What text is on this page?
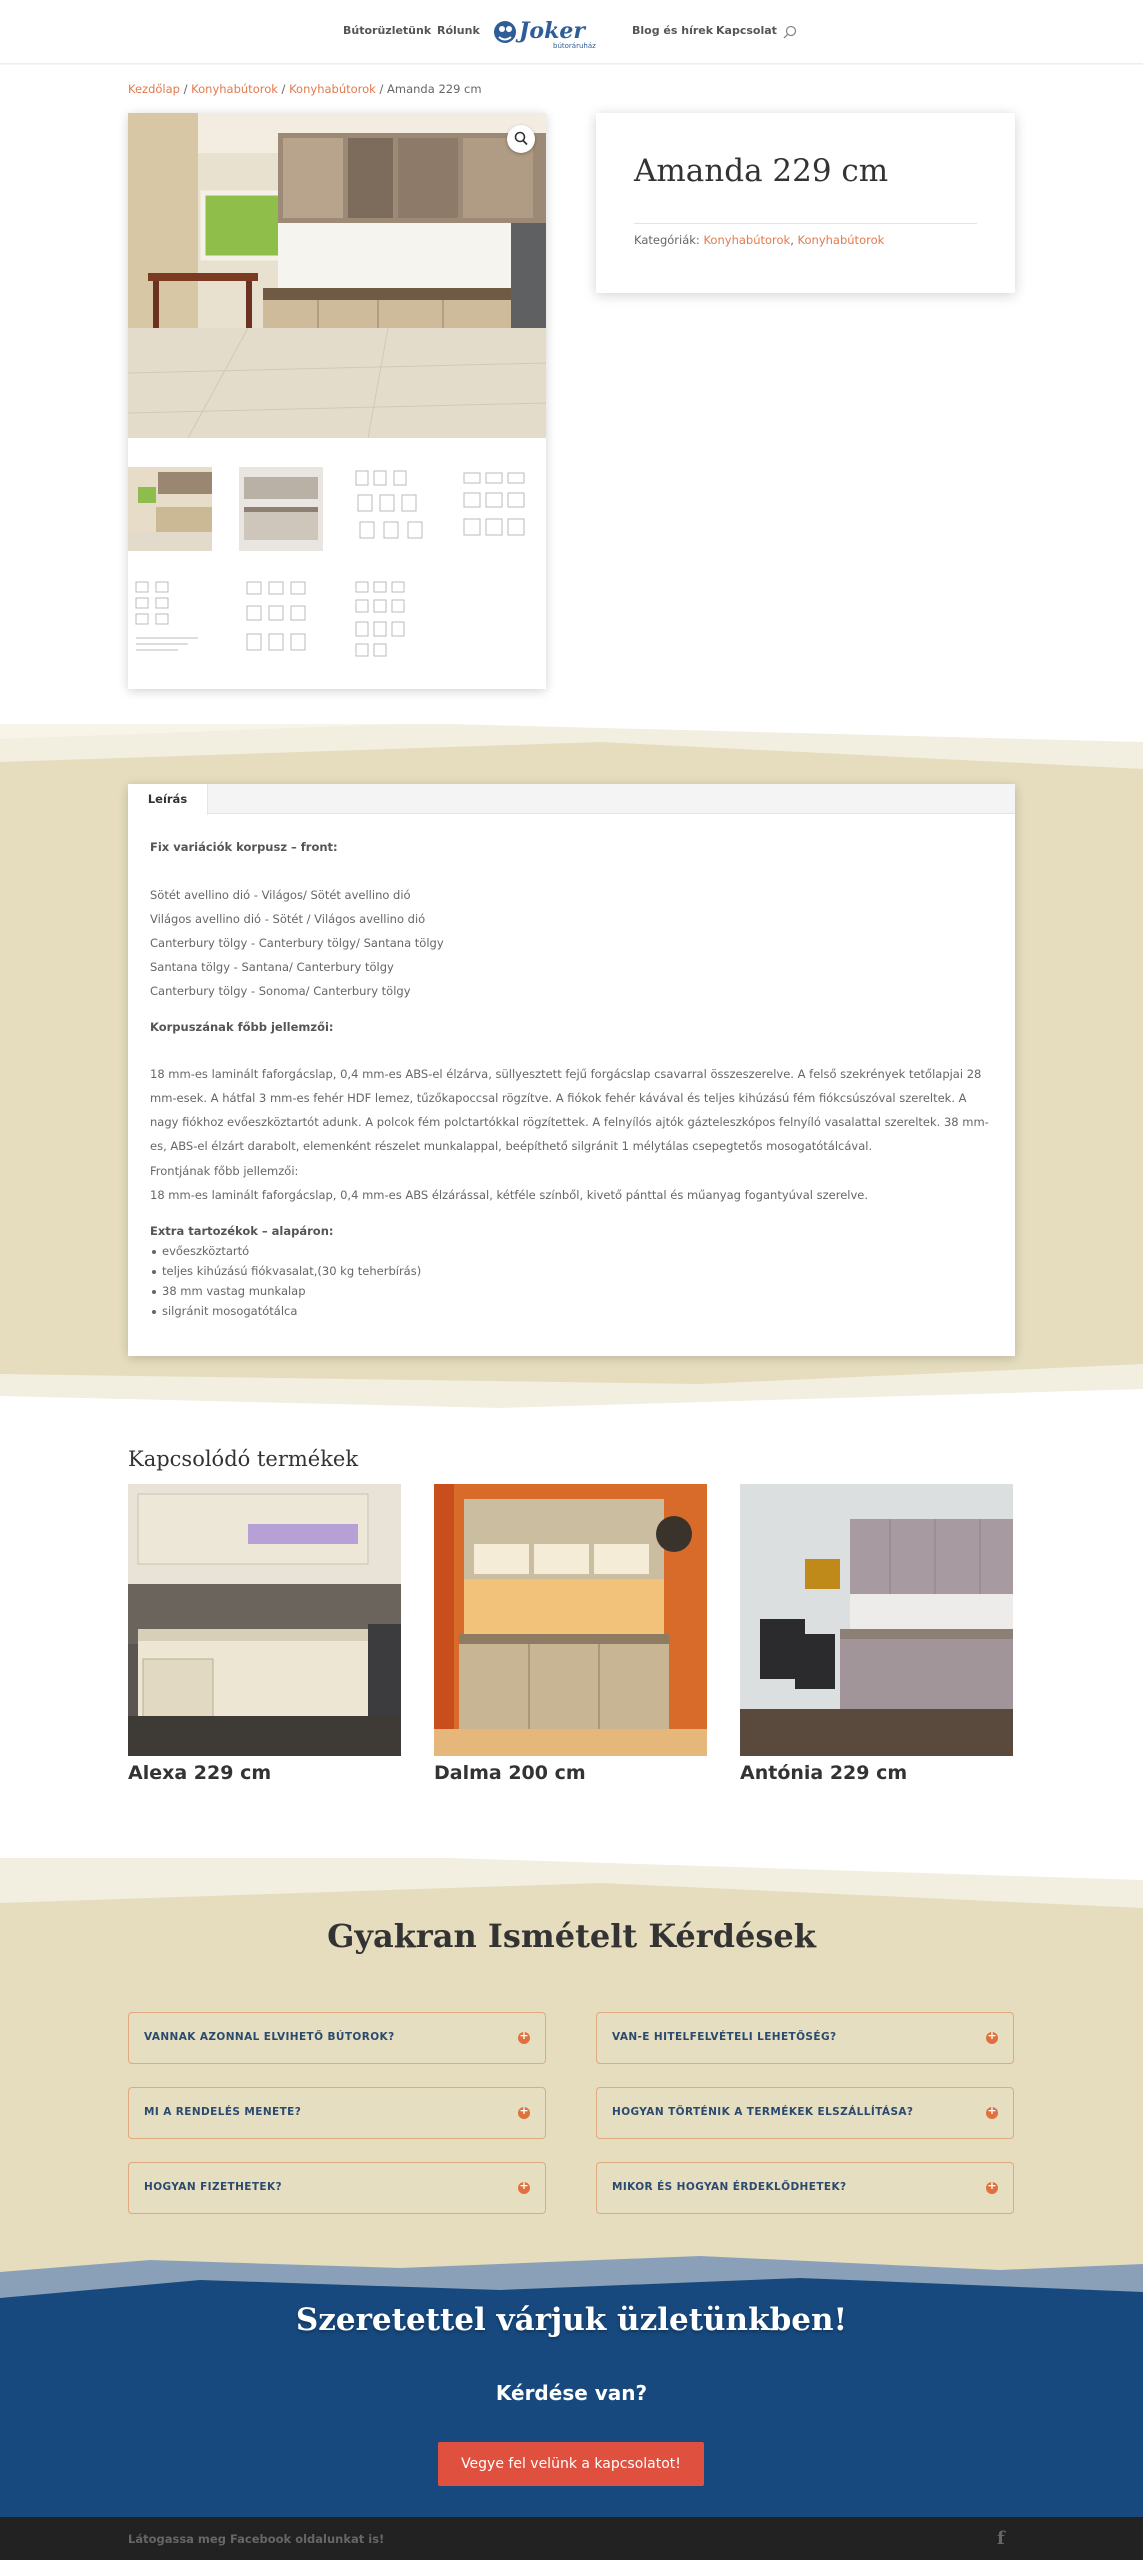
Bútorüzletünk Rólunk Joker
bútoráruház
Blog és hírek Kapcsolat
Kezdőlap / Konyhabútorok / Konyhabútorok / Amanda 229 cm
Amanda 229 cm
Kategóriák: Konyhabútorok, Konyhabútorok
Leírás
Fix variációk korpusz – front:
Sötét avellino dió - Világos/ Sötét avellino dió
Világos avellino dió - Sötét / Világos avellino dió
Canterbury tölgy - Canterbury tölgy/ Santana tölgy
Santana tölgy - Santana/ Canterbury tölgy
Canterbury tölgy - Sonoma/ Canterbury tölgy
Korpuszának főbb jellemzői:
18 mm-es laminált faforgácslap, 0,4 mm-es ABS-el élzárva, süllyesztett fejű forgácslap csavarral összeszerelve. A felső szekrények tetőlapjai 28 mm-esek. A hátfal 3 mm-es fehér HDF lemez, tűzőkapoccsal rögzítve. A fiókok fehér kávával és teljes kihúzású fém fiókcsúszóval szereltek. A nagy fiókhoz evőeszköztartót adunk. A polcok fém polctartókkal rögzítettek. A felnyílós ajtók gázteleszkópos felnyíló vasalattal szereltek. 38 mm-es, ABS-el élzárt darabolt, elemenként részelet munkalappal, beépíthető silgránit 1 mélytálas csepegtetős mosogatótálcával.
Frontjának főbb jellemzői:
18 mm-es laminált faforgácslap, 0,4 mm-es ABS élzárással, kétféle színből, kivető pánttal és műanyag fogantyúval szerelve.
Extra tartozékok – alapáron:
evőeszköztartó
teljes kihúzású fiókvasalat,(30 kg teherbírás)
38 mm vastag munkalap
silgránit mosogatótálca
Kapcsolódó termékek
Alexa 229 cm	Dalma 200 cm	Antónia 229 cm
Gyakran Ismételt Kérdések
VANNAK AZONNAL ELVIHETŐ BÚTOROK? +	VAN-E HITELFELVÉTELI LEHETŐSÉG?
+
MI A RENDELÉS MENETE? +	HOGYAN TÖRTÉNIK A TERMÉKEK ELSZÁLLÍTÁSA?
+
HOGYAN FIZETHETEK? +	MIKOR ÉS HOGYAN ÉRDEKLŐDHETEK?
+
Szeretettel várjuk üzletünkben!
Kérdése van?
Vegye fel velünk a kapcsolatot!
Látogassa meg Facebook oldalunkat is!	f
